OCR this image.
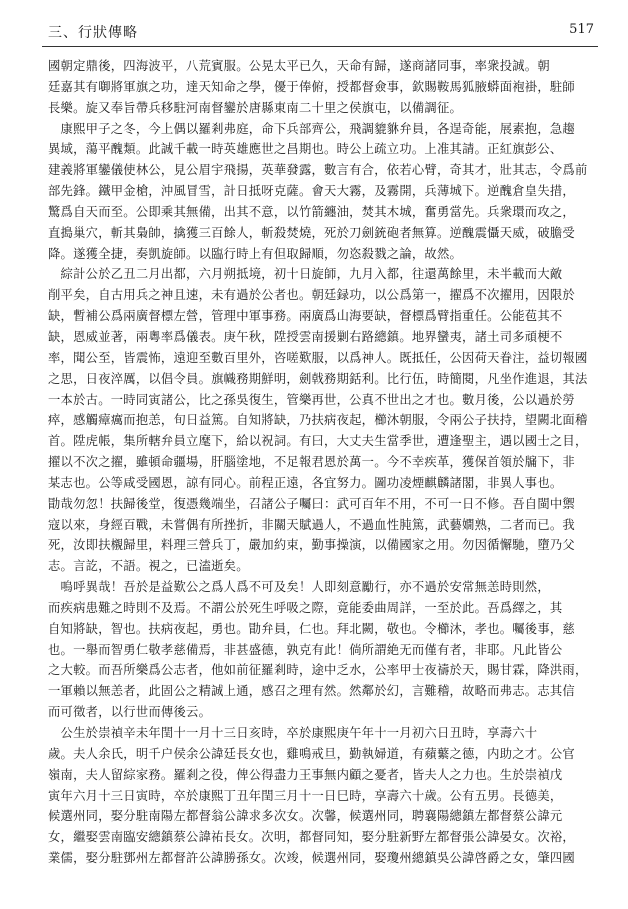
三、行狀傳略	517
國朝定鼎後，四海波平，八荒賓服。公晃太平已久，天命有歸，遂商諸同事，率衆投誠。朝
廷嘉其有啣將軍旗之功，達天知命之學，優于俸俯，授都督僉事，欽賜鞍馬狐腋蟒面袍褂，駐師
長樂。旋又奉旨帶兵移駐河南督鑾於唐縣東南二十里之侯旗屯，以備調征。
　康熙甲子之冬，今上偶以羅剎弗庭，命下兵部齊公，飛調貔貅弁員，各逞奇能，展素抱，急趨
異域，蕩平醜類。此誠千載一時英雄應世之昌期也。時公上疏立功。上准其請。正紅旗彭公、
建義將軍鑾儀使林公，見公眉宇飛揚，英華發露，數言有合，依若心臂，奇其才，壯其志，令爲前
部先鋒。鐵甲金槍，沖風冒雪，計日抵呀克薩。會天大霧，及霧開，兵薄城下。逆醜倉皇失措，
驚爲自天而至。公即乘其無備，出其不意，以竹箭纏油，焚其木城，奮勇當先。兵衆環而攻之，
直搗巢穴，斬其梟帥，擒獲三百餘人，斬殺焚燒，死於刀劍銃砲者無算。逆醜震懾天威，破膽受
降。遂獲全捷，奏凱旋師。以臨行時上有但取歸順，勿恣殺戮之論，故然。
　綜計公於乙丑二月出都，六月朔抵境，初十日旋師，九月入都，往還萬餘里，未半載而大敵
削平矣，自古用兵之神且速，未有過於公者也。朝廷録功，以公爲第一，擢爲不次擢用，因限於
缺，暫補公爲兩廣督標左營，管理中軍事務。兩廣爲山海要缺，督標爲臂指重任。公能苞其不
缺，恩威並著，兩粵率爲儀表。庚午秋，陞授雲南援剿右路總鎮。地界蠻夷，諸土司多頑梗不
率，聞公至，皆震怖，遠迎至數百里外，咨嗟歎服，以爲神人。既抵任，公因荷天眷注，益切報國
之思，日夜淬厲，以倡令員。旗幟務期鮮明，劍戟務期銛利。比行伍，時簡閱，凡坐作進退，其法
一本於古。一時同寅諸公，比之孫吳復生，管樂再世，公真不世出之才也。數月後，公以過於勞
瘁，感觸瘴癘而抱恙，旬日益篤。自知將缺，乃扶病夜起，櫛沐朝服，令兩公子扶持，望闕北面稽
首。陞虎帳，集所轄弁員立麾下，給以祝詞。有曰，大丈夫生當季世，遭逢聖主，遇以國士之目，
擢以不次之擢，雖頓命疆場，肝腦塗地，不足報君恩於萬一。今不幸疾革，獲保首領於牖下，非
某志也。公等咸受國恩，諒有同心。前程正遠，各宜努力。圖功凌煙麒麟諸閣，非異人事也。
勖哉勿忽！扶歸後堂，復憑幾端坐，召諸公子囑曰：武可百年不用，不可一日不修。吾自閩中禦
寇以來，身經百戰，未嘗偶有所挫折，非關天賦過人，不過血性肫篤，武藝嫺熟，二者而已。我
死，汝即扶櫬歸里，料理三營兵丁，嚴加約束，勤事操演，以備國家之用。勿因循懈馳，墮乃父
志。言訖，不語。視之，已溘逝矣。
　嗚呼異哉！吾於是益歎公之爲人爲不可及矣！人即刻意勵行，亦不過於安常無恙時則然，
而疾病患難之時則不及焉。不謂公於死生呼吸之際，竟能委曲周詳，一至於此。吾爲繹之，其
自知將缺，智也。扶病夜起，勇也。勖弁員，仁也。拜北闕，敬也。令櫛沐，孝也。囑後事，慈
也。一舉而智勇仁敬孝慈備焉，非甚盛德，孰克有此！倘所謂絶无而僅有者，非耶。凡此皆公
之大較。而吾所樂爲公志者，他如前征羅剎時，途中乏水，公率甲士夜禱於天，賜甘霖，降洪雨，
一軍賴以無恙者，此固公之精誠上通，感召之理有然。然鄰於幻，言難稽，故略而弗志。志其信
而可徵者，以行世而傳後云。
　公生於崇禎辛未年閏十一月十三日亥時，卒於康熙庚午年十一月初六日丑時，享壽六十
歲。夫人余氏，明千户侯余公諱廷長女也，雞鳴戒旦，勤執婦道，有蘋蘩之德，内助之才。公官
嶺南，夫人留綜家務。羅剎之役，俾公得盡力王事無内顧之憂者，皆夫人之力也。生於崇禎戊
寅年六月十三日寅時，卒於康熙丁丑年閏三月十一日巳時，享壽六十歲。公有五男。長德美，
候選州同，娶分駐南陽左都督翁公諱求多次女。次馨，候選州同，聘襄陽總鎮左都督蔡公諱元
女，繼娶雲南臨安總鎮蔡公諱祐長女。次明，都督同知，娶分駐新野左都督張公諱晏女。次裕，
業儒，娶分駐鄧州左都督許公諱勝孫女。次竣，候選州同，娶瓊州總鎮吳公諱啓爵之女，肇四國
